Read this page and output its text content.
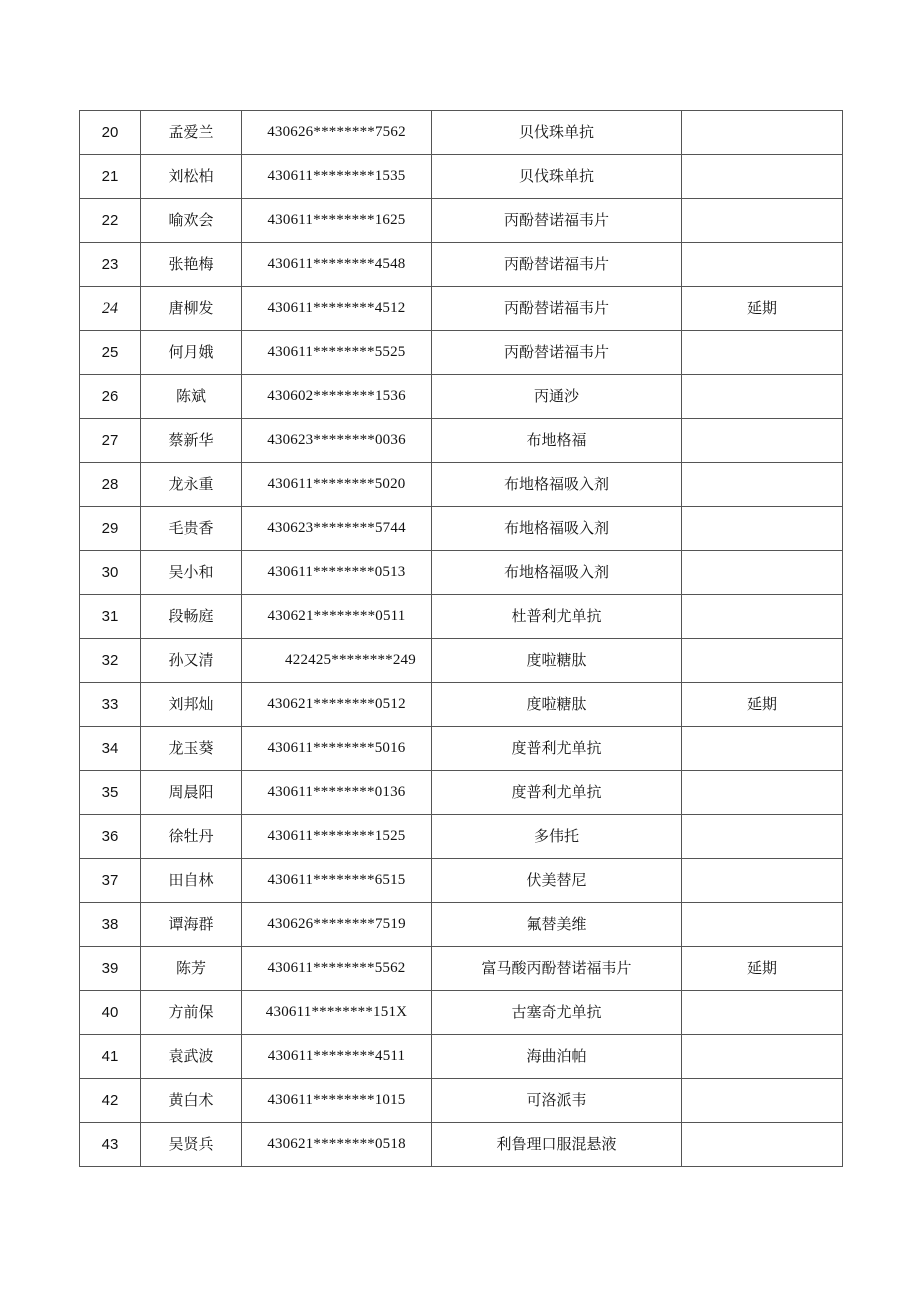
20	孟爱兰	430626********7562	贝伐珠单抗	
21	刘松柏	430611********1535	贝伐珠单抗	
22	喻欢会	430611********1625	丙酚替诺福韦片	
23	张艳梅	430611********4548	丙酚替诺福韦片	
24	唐柳发	430611********4512	丙酚替诺福韦片	延期
25	何月娥	430611********5525	丙酚替诺福韦片	
26	陈斌	430602********1536	丙通沙	
27	蔡新华	430623********0036	布地格福	
28	龙永重	430611********5020	布地格福吸入剂	
29	毛贵香	430623********5744	布地格福吸入剂	
30	吴小和	430611********0513	布地格福吸入剂	
31	段畅庭	430621********0511	杜普利尤单抗	
32	孙又清	422425********249	度啦糖肽	
33	刘邦灿	430621********0512	度啦糖肽	延期
34	龙玉葵	430611********5016	度普利尤单抗	
35	周晨阳	430611********0136	度普利尤单抗	
36	徐牡丹	430611********1525	多伟托	
37	田自林	430611********6515	伏美替尼	
38	谭海群	430626********7519	氟替美维	
39	陈芳	430611********5562	富马酸丙酚替诺福韦片	延期
40	方前保	430611********151X	古塞奇尤单抗	
41	袁武波	430611********4511	海曲泊帕	
42	黄白术	430611********1015	可洛派韦	
43	吴贤兵	430621********0518	利鲁理口服混悬液	
